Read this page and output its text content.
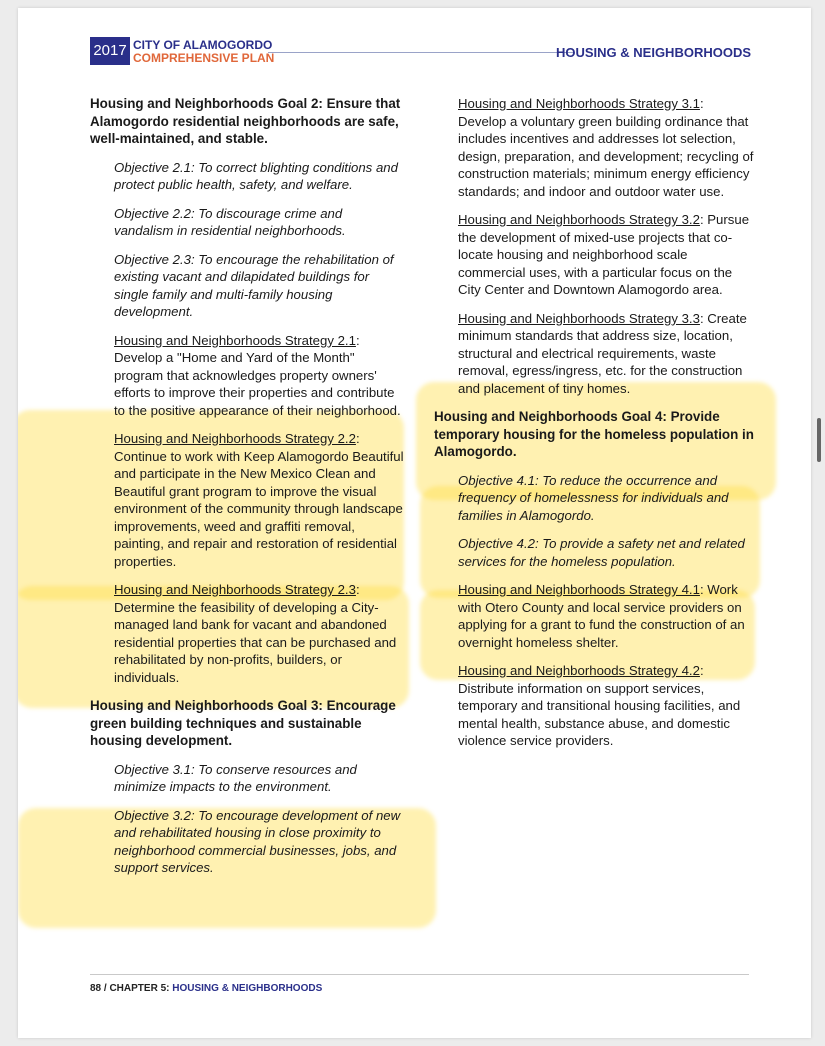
2017 CITY OF ALAMOGORDO
COMPREHENSIVE PLAN	HOUSING & NEIGHBORHOODS

Housing and Neighborhoods Goal 2: Ensure that Alamogordo residential neighborhoods are safe, well-maintained, and stable.

Objective 2.1: To correct blighting conditions and protect public health, safety, and welfare.

Objective 2.2: To discourage crime and vandalism in residential neighborhoods.

Objective 2.3: To encourage the rehabilitation of existing vacant and dilapidated buildings for single family and multi-family housing development.

Housing and Neighborhoods Strategy 2.1: Develop a "Home and Yard of the Month" program that acknowledges property owners' efforts to improve their properties and contribute to the positive appearance of their neighborhood.

Housing and Neighborhoods Strategy 2.2: Continue to work with Keep Alamogordo Beautiful and participate in the New Mexico Clean and Beautiful grant program to improve the visual environment of the community through landscape improvements, weed and graffiti removal, painting, and repair and restoration of residential properties.

Housing and Neighborhoods Strategy 2.3: Determine the feasibility of developing a City-managed land bank for vacant and abandoned residential properties that can be purchased and rehabilitated by non-profits, builders, or individuals.

Housing and Neighborhoods Goal 3: Encourage green building techniques and sustainable housing development.

Objective 3.1: To conserve resources and minimize impacts to the environment.

Objective 3.2: To encourage development of new and rehabilitated housing in close proximity to neighborhood commercial businesses, jobs, and support services.

Housing and Neighborhoods Strategy 3.1: Develop a voluntary green building ordinance that includes incentives and addresses lot selection, design, preparation, and development; recycling of construction materials; minimum energy efficiency standards; and indoor and outdoor water use.

Housing and Neighborhoods Strategy 3.2: Pursue the development of mixed-use projects that co-locate housing and neighborhood scale commercial uses, with a particular focus on the City Center and Downtown Alamogordo area.

Housing and Neighborhoods Strategy 3.3: Create minimum standards that address size, location, structural and electrical requirements, waste removal, egress/ingress, etc. for the construction and placement of tiny homes.

Housing and Neighborhoods Goal 4: Provide temporary housing for the homeless population in Alamogordo.

Objective 4.1: To reduce the occurrence and frequency of homelessness for individuals and families in Alamogordo.

Objective 4.2: To provide a safety net and related services for the homeless population.

Housing and Neighborhoods Strategy 4.1: Work with Otero County and local service providers on applying for a grant to fund the construction of an overnight homeless shelter.

Housing and Neighborhoods Strategy 4.2: Distribute information on support services, temporary and transitional housing facilities, and mental health, substance abuse, and domestic violence service providers.

88 / CHAPTER 5: HOUSING & NEIGHBORHOODS
